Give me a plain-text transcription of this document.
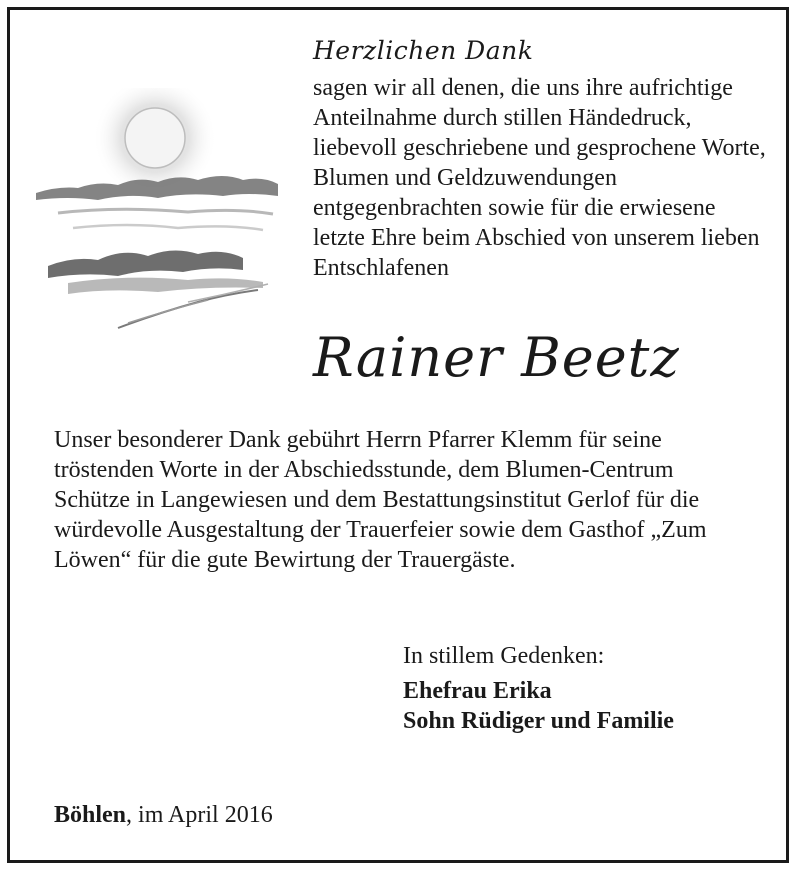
Herzlichen Dank

sagen wir all denen, die uns ihre aufrichtige Anteilnahme durch stillen Händedruck, liebevoll geschriebene und gesprochene Worte, Blumen und Geldzuwendungen entgegenbrachten sowie für die erwiesene letzte Ehre beim Abschied von unserem lieben Entschlafenen

Rainer Beetz

Unser besonderer Dank gebührt Herrn Pfarrer Klemm für seine tröstenden Worte in der Abschiedsstunde, dem Blumen-Centrum Schütze in Langewiesen und dem Bestattungsinstitut Gerlof für die würdevolle Ausgestaltung der Trauerfeier sowie dem Gasthof „Zum Löwen“ für die gute Bewirtung der Trauergäste.

In stillem Gedenken:

Ehefrau Erika

Sohn Rüdiger und Familie

Böhlen, im April 2016
